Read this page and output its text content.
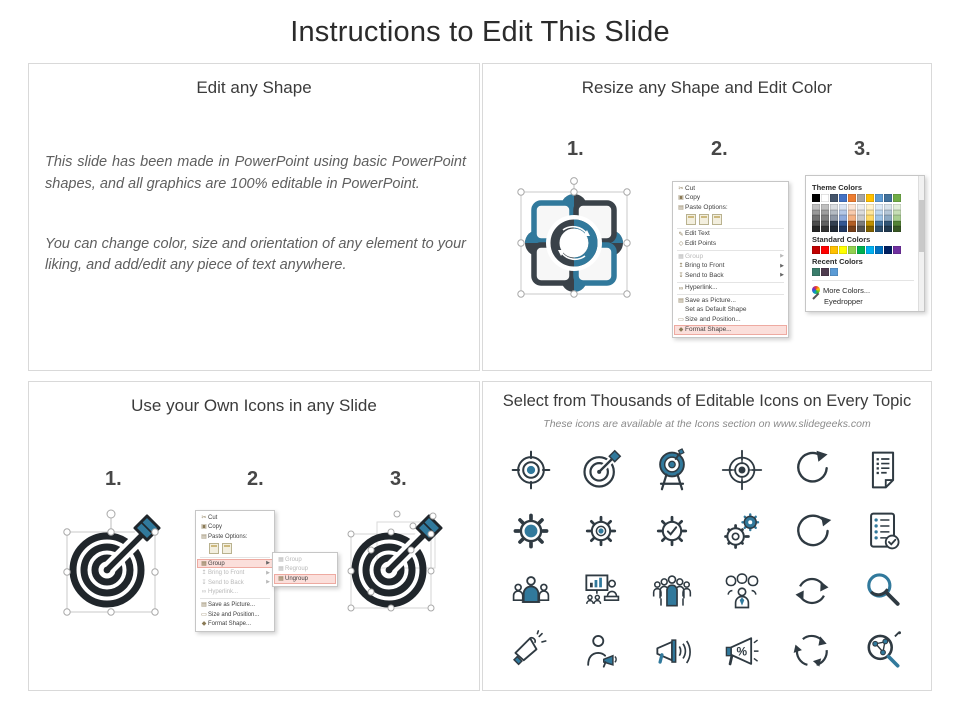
Instructions to Edit This Slide
Edit any Shape

This slide has been made in PowerPoint using basic PowerPoint shapes, and all graphics are 100% editable in PowerPoint.

You can change color, size and orientation of any element to your liking, and add/edit any piece of text anywhere.

Resize any Shape and Edit Color
1.	2.	3.
✂ Cut
▣ Copy
▤ Paste Options:
✎ Edit Text
◇ Edit Points
▦ Group	▶
↥ Bring to Front	▶
↧ Send to Back	▶
∞ Hyperlink...
▤ Save as Picture...
Set as Default Shape
▭ Size and Position...
◆ Format Shape...
Theme Colors
Standard Colors
Recent Colors
More Colors...
Eyedropper
Use your Own Icons in any Slide
1.	2.	3.
✂ Cut
▣ Copy
▤ Paste Options:
▦ Group	▶
↥ Bring to Front	▶
↧ Send to Back	▶
∞ Hyperlink...
▤ Save as Picture...
▭ Size and Position...
◆ Format Shape...
▦ Group
▦ Regroup
▦ Ungroup
Select from Thousands of Editable Icons on Every Topic
These icons are available at the Icons section on www.slidegeeks.com
%
